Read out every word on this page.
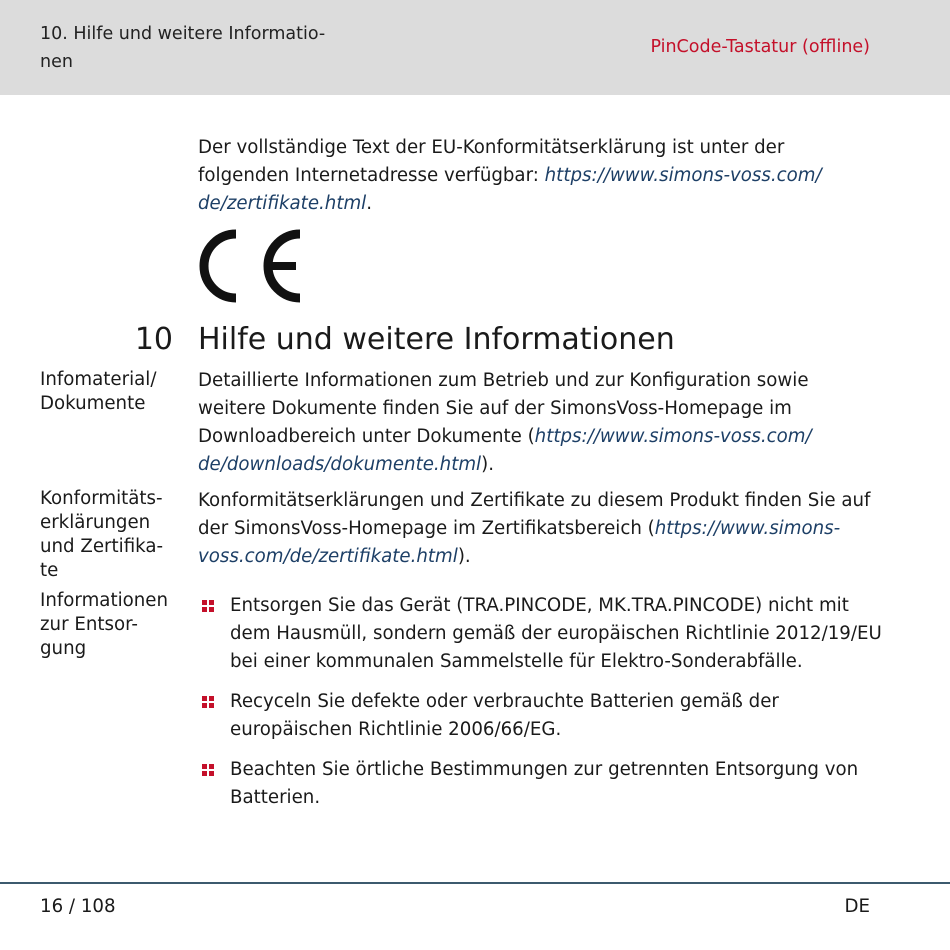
10. Hilfe und weitere Informatio-
nen
PinCode-Tastatur (offline)
Der vollständige Text der EU-Konformitätserklärung ist unter der folgenden Internetadresse verfügbar: https://www.simons-voss.com/ de/zertifikate.html.
10 Hilfe und weitere Informationen
Infomaterial/
Dokumente
Detaillierte Informationen zum Betrieb und zur Konfiguration sowie weitere Dokumente finden Sie auf der SimonsVoss-Homepage im Downloadbereich unter Dokumente (https://www.simons-voss.com/ de/downloads/dokumente.html).
Konformitäts-
erklärungen
und Zertifika-
te
Konformitätserklärungen und Zertifikate zu diesem Produkt finden Sie auf der SimonsVoss-Homepage im Zertifikatsbereich (https://www.simons-voss.com/de/zertifikate.html).
Informationen
zur Entsor-
gung
Entsorgen Sie das Gerät (TRA.PINCODE, MK.TRA.PINCODE) nicht mit dem Hausmüll, sondern gemäß der europäischen Richtlinie 2012/19/EU bei einer kommunalen Sammelstelle für Elektro-Sonderabfälle.
Recyceln Sie defekte oder verbrauchte Batterien gemäß der europäischen Richtlinie 2006/66/EG.
Beachten Sie örtliche Bestimmungen zur getrennten Entsorgung von Batterien.
16 / 108	DE
